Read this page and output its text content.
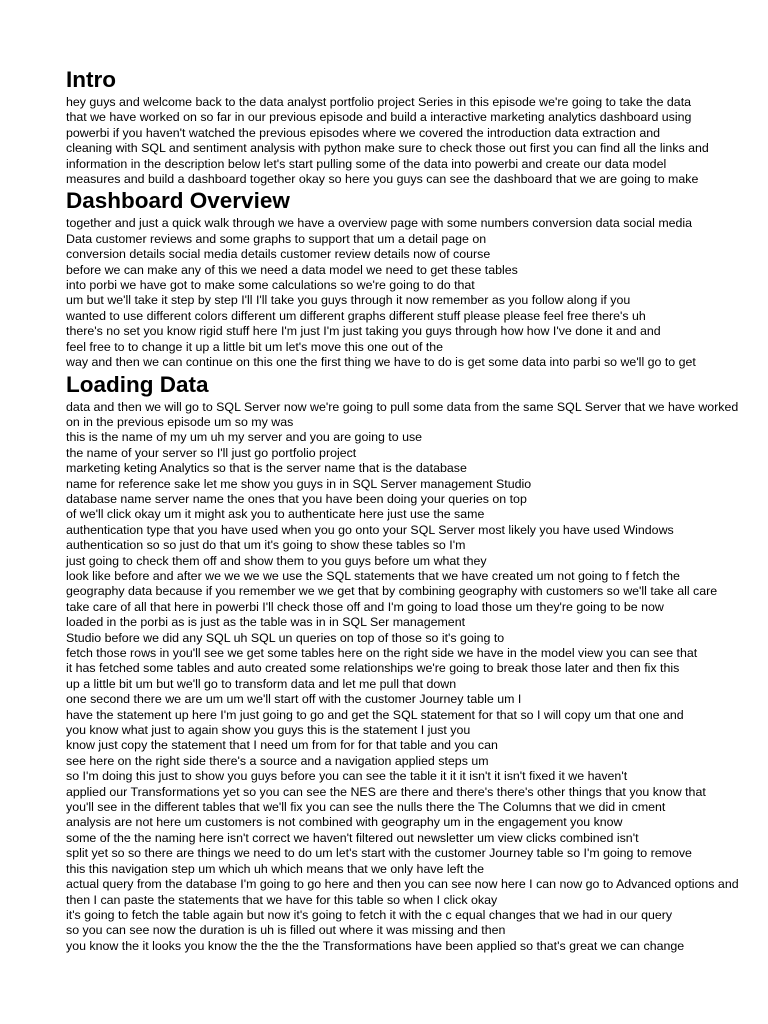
Intro
hey guys and welcome back to the data analyst portfolio project Series in this episode we're going to take the data
that we have worked on so far in our previous episode and build a interactive marketing analytics dashboard using
powerbi if you haven't watched the previous episodes where we covered the introduction data extraction and
cleaning with SQL and sentiment analysis with python make sure to check those out first you can find all the links and
information in the description below let's start pulling some of the data into powerbi and create our data model
measures and build a dashboard together okay so here you guys can see the dashboard that we are going to make
Dashboard Overview
together and just a quick walk through we have a overview page with some numbers conversion data social media
Data customer reviews and some graphs to support that um a detail page on
conversion details social media details customer review details now of course
before we can make any of this we need a data model we need to get these tables
into porbi we have got to make some calculations so we're going to do that
um but we'll take it step by step I'll I'll take you guys through it now remember as you follow along if you
wanted to use different colors different um different graphs different stuff please please feel free there's uh
there's no set you know rigid stuff here I'm just I'm just taking you guys through how how I've done it and and
feel free to to change it up a little bit um let's move this one out of the
way and then we can continue on this one the first thing we have to do is get some data into parbi so we'll go to get
Loading Data
data and then we will go to SQL Server now we're going to pull some data from the same SQL Server that we have worked
on in the previous episode um so my was
this is the name of my um uh my server and you are going to use
the name of your server so I'll just go portfolio project
marketing keting Analytics so that is the server name that is the database
name for reference sake let me show you guys in in SQL Server management Studio
database name server name the ones that you have been doing your queries on top
of we'll click okay um it might ask you to authenticate here just use the same
authentication type that you have used when you go onto your SQL Server most likely you have used Windows
authentication so so just do that um it's going to show these tables so I'm
just going to check them off and show them to you guys before um what they
look like before and after we we we we use the SQL statements that we have created um not going to f fetch the
geography data because if you remember we we get that by combining geography with customers so we'll take all care
take care of all that here in powerbi I'll check those off and I'm going to load those um they're going to be now
loaded in the porbi as is just as the table was in in SQL Ser management
Studio before we did any SQL uh SQL un queries on top of those so it's going to
fetch those rows in you'll see we get some tables here on the right side we have in the model view you can see that
it has fetched some tables and auto created some relationships we're going to break those later and then fix this
up a little bit um but we'll go to transform data and let me pull that down
one second there we are um um we'll start off with the customer Journey table um I
have the statement up here I'm just going to go and get the SQL statement for that so I will copy um that one and
you know what just to again show you guys this is the statement I just you
know just copy the statement that I need um from for for that table and you can
see here on the right side there's a source and a navigation applied steps um
so I'm doing this just to show you guys before you can see the table it it it isn't it isn't fixed it we haven't
applied our Transformations yet so you can see the NES are there and there's there's other things that you know that
you'll see in the different tables that we'll fix you can see the nulls there the The Columns that we did in cment
analysis are not here um customers is not combined with geography um in the engagement you know
some of the the naming here isn't correct we haven't filtered out newsletter um view clicks combined isn't
split yet so so there are things we need to do um let's start with the customer Journey table so I'm going to remove
this this navigation step um which uh which means that we only have left the
actual query from the database I'm going to go here and then you can see now here I can now go to Advanced options and
then I can paste the statements that we have for this table so when I click okay
it's going to fetch the table again but now it's going to fetch it with the c equal changes that we had in our query
so you can see now the duration is uh is filled out where it was missing and then
you know the it looks you know the the the the Transformations have been applied so that's great we can change
